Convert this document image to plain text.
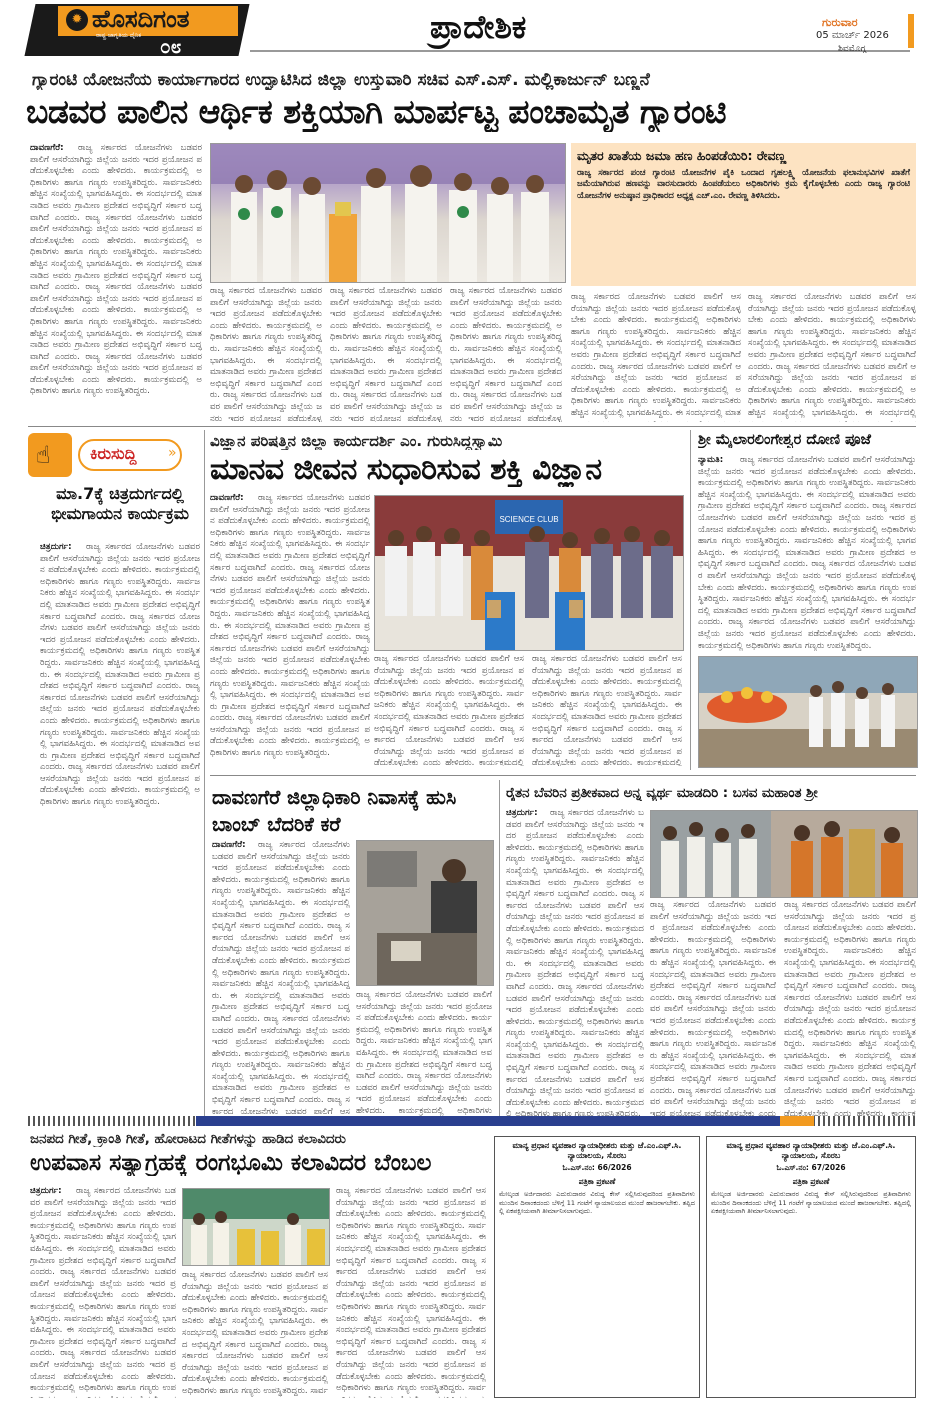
✹ ಹೊಸದಿಗಂತ
ರಾಷ್ಟ್ರ ಜಾಗೃತಿಯ ದೈನಿಕ
೦೮
ಪ್ರಾದೇಶಿಕ	ಗುರುವಾರ
05 ಮಾರ್ಚ್ 2026
ಶಿವಮೊಗ್ಗ
ಗ್ಯಾರಂಟಿ ಯೋಜನೆಯ ಕಾರ್ಯಾಗಾರದ ಉದ್ಘಾಟಿಸಿದ ಜಿಲ್ಲಾ ಉಸ್ತುವಾರಿ ಸಚಿವ ಎಸ್.ಎಸ್. ಮಲ್ಲಿಕಾರ್ಜುನ್ ಬಣ್ಣನೆ
ಬಡವರ ಪಾಲಿನ ಆರ್ಥಿಕ ಶಕ್ತಿಯಾಗಿ ಮಾರ್ಪಟ್ಟ ಪಂಚಾಮೃತ ಗ್ಯಾರಂಟಿ
ದಾವಣಗೆರೆ:
ರಾಜ್ಯ ಸರ್ಕಾರದ ಯೋಜನೆಗಳು ಬಡವರ ಪಾಲಿಗೆ ಆಸರೆಯಾಗಿದ್ದು ಜಿಲ್ಲೆಯ ಜನರು ಇದರ ಪ್ರಯೋಜನ ಪಡೆದುಕೊಳ್ಳಬೇಕು ಎಂದು ಹೇಳಿದರು. ಕಾರ್ಯಕ್ರಮದಲ್ಲಿ ಅಧಿಕಾರಿಗಳು ಹಾಗೂ ಗಣ್ಯರು ಉಪಸ್ಥಿತರಿದ್ದರು. ಸಾರ್ವಜನಿಕರು ಹೆಚ್ಚಿನ ಸಂಖ್ಯೆಯಲ್ಲಿ ಭಾಗವಹಿಸಿದ್ದರು. ಈ ಸಂದರ್ಭದಲ್ಲಿ ಮಾತನಾಡಿದ ಅವರು ಗ್ರಾಮೀಣ ಪ್ರದೇಶದ ಅಭಿವೃದ್ಧಿಗೆ ಸರ್ಕಾರ ಬದ್ಧವಾಗಿದೆ ಎಂದರು. ರಾಜ್ಯ ಸರ್ಕಾರದ ಯೋಜನೆಗಳು ಬಡವರ ಪಾಲಿಗೆ ಆಸರೆಯಾಗಿದ್ದು ಜಿಲ್ಲೆಯ ಜನರು ಇದರ ಪ್ರಯೋಜನ ಪಡೆದುಕೊಳ್ಳಬೇಕು ಎಂದು ಹೇಳಿದರು. ಕಾರ್ಯಕ್ರಮದಲ್ಲಿ ಅಧಿಕಾರಿಗಳು ಹಾಗೂ ಗಣ್ಯರು ಉಪಸ್ಥಿತರಿದ್ದರು. ಸಾರ್ವಜನಿಕರು ಹೆಚ್ಚಿನ ಸಂಖ್ಯೆಯಲ್ಲಿ ಭಾಗವಹಿಸಿದ್ದರು. ಈ ಸಂದರ್ಭದಲ್ಲಿ ಮಾತನಾಡಿದ ಅವರು ಗ್ರಾಮೀಣ ಪ್ರದೇಶದ ಅಭಿವೃದ್ಧಿಗೆ ಸರ್ಕಾರ ಬದ್ಧವಾಗಿದೆ ಎಂದರು. ರಾಜ್ಯ ಸರ್ಕಾರದ ಯೋಜನೆಗಳು ಬಡವರ ಪಾಲಿಗೆ ಆಸರೆಯಾಗಿದ್ದು ಜಿಲ್ಲೆಯ ಜನರು ಇದರ ಪ್ರಯೋಜನ ಪಡೆದುಕೊಳ್ಳಬೇಕು ಎಂದು ಹೇಳಿದರು. ಕಾರ್ಯಕ್ರಮದಲ್ಲಿ ಅಧಿಕಾರಿಗಳು ಹಾಗೂ ಗಣ್ಯರು ಉಪಸ್ಥಿತರಿದ್ದರು. ಸಾರ್ವಜನಿಕರು ಹೆಚ್ಚಿನ ಸಂಖ್ಯೆಯಲ್ಲಿ ಭಾಗವಹಿಸಿದ್ದರು. ಈ ಸಂದರ್ಭದಲ್ಲಿ ಮಾತನಾಡಿದ ಅವರು ಗ್ರಾಮೀಣ ಪ್ರದೇಶದ ಅಭಿವೃದ್ಧಿಗೆ ಸರ್ಕಾರ ಬದ್ಧವಾಗಿದೆ ಎಂದರು. ರಾಜ್ಯ ಸರ್ಕಾರದ ಯೋಜನೆಗಳು ಬಡವರ ಪಾಲಿಗೆ ಆಸರೆಯಾಗಿದ್ದು ಜಿಲ್ಲೆಯ ಜನರು ಇದರ ಪ್ರಯೋಜನ ಪಡೆದುಕೊಳ್ಳಬೇಕು ಎಂದು ಹೇಳಿದರು. ಕಾರ್ಯಕ್ರಮದಲ್ಲಿ ಅಧಿಕಾರಿಗಳು ಹಾಗೂ ಗಣ್ಯರು ಉಪಸ್ಥಿತರಿದ್ದರು.
ರಾಜ್ಯ ಸರ್ಕಾರದ ಯೋಜನೆಗಳು ಬಡವರ ಪಾಲಿಗೆ ಆಸರೆಯಾಗಿದ್ದು ಜಿಲ್ಲೆಯ ಜನರು ಇದರ ಪ್ರಯೋಜನ ಪಡೆದುಕೊಳ್ಳಬೇಕು ಎಂದು ಹೇಳಿದರು. ಕಾರ್ಯಕ್ರಮದಲ್ಲಿ ಅಧಿಕಾರಿಗಳು ಹಾಗೂ ಗಣ್ಯರು ಉಪಸ್ಥಿತರಿದ್ದರು. ಸಾರ್ವಜನಿಕರು ಹೆಚ್ಚಿನ ಸಂಖ್ಯೆಯಲ್ಲಿ ಭಾಗವಹಿಸಿದ್ದರು. ಈ ಸಂದರ್ಭದಲ್ಲಿ ಮಾತನಾಡಿದ ಅವರು ಗ್ರಾಮೀಣ ಪ್ರದೇಶದ ಅಭಿವೃದ್ಧಿಗೆ ಸರ್ಕಾರ ಬದ್ಧವಾಗಿದೆ ಎಂದರು. ರಾಜ್ಯ ಸರ್ಕಾರದ ಯೋಜನೆಗಳು ಬಡವರ ಪಾಲಿಗೆ ಆಸರೆಯಾಗಿದ್ದು ಜಿಲ್ಲೆಯ ಜನರು ಇದರ ಪ್ರಯೋಜನ ಪಡೆದುಕೊಳ್ಳಬೇಕು ಎಂದು ಹೇಳಿದರು. ಕಾರ್ಯಕ್ರಮದಲ್ಲಿ ಅಧಿಕಾರಿಗಳು ಹಾಗೂ ಗಣ್ಯರು ಉಪಸ್ಥಿತರಿದ್ದರು. ಸಾರ್ವಜನಿಕರು ಹೆಚ್ಚಿನ ಸಂಖ್ಯೆಯಲ್ಲಿ ಭಾಗವಹಿಸಿದ್ದರು. ಈ ಸಂದರ್ಭದಲ್ಲಿ ಮಾತನಾಡಿದ ಅವರು ಗ್ರಾಮೀಣ ಪ್ರದೇಶದ ಅಭಿವೃದ್ಧಿಗೆ ಸರ್ಕಾರ ಬದ್ಧವಾಗಿದೆ ಎಂದರು. ರಾಜ್ಯ ಸರ್ಕಾರದ ಯೋಜನೆಗಳು ಬಡವರ ಪಾಲಿಗೆ ಆಸರೆಯಾಗಿದ್ದು ಜಿಲ್ಲೆಯ ಜನರು ಇದರ ಪ್ರಯೋಜನ ಪಡೆದುಕೊಳ್ಳಬೇಕು ಎಂದು ಹೇಳಿದರು. ಕಾರ್ಯಕ್ರಮದಲ್ಲಿ ಅಧಿಕಾರಿಗಳು ಹಾಗೂ ಗಣ್ಯರು ಉಪಸ್ಥಿತರಿದ್ದರು. ಸಾರ್ವಜನಿಕರು ಹೆಚ್ಚಿನ ಸಂಖ್ಯೆಯಲ್ಲಿ ಭಾಗವಹಿಸಿದ್ದರು. ಈ ಸಂದರ್ಭದಲ್ಲಿ ಮಾತನಾಡಿದ ಅವರು ಗ್ರಾಮೀಣ ಪ್ರದೇಶದ ಅಭಿವೃದ್ಧಿಗೆ ಸರ್ಕಾರ ಬದ್ಧವಾಗಿದೆ ಎಂದರು. ರಾಜ್ಯ ಸರ್ಕಾರದ ಯೋಜನೆಗಳು ಬಡವರ ಪಾಲಿಗೆ ಆಸರೆಯಾಗಿದ್ದು ಜಿಲ್ಲೆಯ ಜನರು ಇದರ ಪ್ರಯೋಜನ ಪಡೆದುಕೊಳ್ಳಬೇಕು ಎಂದು ಹೇಳಿದರು. ಕಾರ್ಯಕ್ರಮದಲ್ಲಿ ಅಧಿಕಾರಿಗಳು ಹಾಗೂ ಗಣ್ಯರು ಉಪಸ್ಥಿತರಿದ್ದರು.
ರಾಜ್ಯ ಸರ್ಕಾರದ ಯೋಜನೆಗಳು ಬಡವರ ಪಾಲಿಗೆ ಆಸರೆಯಾಗಿದ್ದು ಜಿಲ್ಲೆಯ ಜನರು ಇದರ ಪ್ರಯೋಜನ ಪಡೆದುಕೊಳ್ಳಬೇಕು ಎಂದು ಹೇಳಿದರು. ಕಾರ್ಯಕ್ರಮದಲ್ಲಿ ಅಧಿಕಾರಿಗಳು ಹಾಗೂ ಗಣ್ಯರು ಉಪಸ್ಥಿತರಿದ್ದರು. ಸಾರ್ವಜನಿಕರು ಹೆಚ್ಚಿನ ಸಂಖ್ಯೆಯಲ್ಲಿ ಭಾಗವಹಿಸಿದ್ದರು. ಈ ಸಂದರ್ಭದಲ್ಲಿ ಮಾತನಾಡಿದ ಅವರು ಗ್ರಾಮೀಣ ಪ್ರದೇಶದ ಅಭಿವೃದ್ಧಿಗೆ ಸರ್ಕಾರ ಬದ್ಧವಾಗಿದೆ ಎಂದರು. ರಾಜ್ಯ ಸರ್ಕಾರದ ಯೋಜನೆಗಳು ಬಡವರ ಪಾಲಿಗೆ ಆಸರೆಯಾಗಿದ್ದು ಜಿಲ್ಲೆಯ ಜನರು ಇದರ ಪ್ರಯೋಜನ ಪಡೆದುಕೊಳ್ಳಬೇಕು ಎಂದು ಹೇಳಿದರು. ಕಾರ್ಯಕ್ರಮದಲ್ಲಿ ಅಧಿಕಾರಿಗಳು ಹಾಗೂ ಗಣ್ಯರು ಉಪಸ್ಥಿತರಿದ್ದರು. ಸಾರ್ವಜನಿಕರು ಹೆಚ್ಚಿನ ಸಂಖ್ಯೆಯಲ್ಲಿ ಭಾಗವಹಿಸಿದ್ದರು. ಈ ಸಂದರ್ಭದಲ್ಲಿ ಮಾತನಾಡಿದ ಅವರು ಗ್ರಾಮೀಣ ಪ್ರದೇಶದ ಅಭಿವೃದ್ಧಿಗೆ ಸರ್ಕಾರ ಬದ್ಧವಾಗಿದೆ ಎಂದರು. ರಾಜ್ಯ ಸರ್ಕಾರದ ಯೋಜನೆಗಳು ಬಡವರ ಪಾಲಿಗೆ ಆಸರೆಯಾಗಿದ್ದು ಜಿಲ್ಲೆಯ ಜನರು ಇದರ ಪ್ರಯೋಜನ ಪಡೆದುಕೊಳ್ಳಬೇಕು ಎಂದು ಹೇಳಿದರು. ಕಾರ್ಯಕ್ರಮದಲ್ಲಿ ಅಧಿಕಾರಿಗಳು ಹಾಗೂ ಗಣ್ಯರು ಉಪಸ್ಥಿತರಿದ್ದರು. ಸಾರ್ವಜನಿಕರು ಹೆಚ್ಚಿನ ಸಂಖ್ಯೆಯಲ್ಲಿ ಭಾಗವಹಿಸಿದ್ದರು. ಈ ಸಂದರ್ಭದಲ್ಲಿ ಮಾತನಾಡಿದ ಅವರು ಗ್ರಾಮೀಣ ಪ್ರದೇಶದ ಅಭಿವೃದ್ಧಿಗೆ ಸರ್ಕಾರ ಬದ್ಧವಾಗಿದೆ ಎಂದರು. ರಾಜ್ಯ ಸರ್ಕಾರದ ಯೋಜನೆಗಳು ಬಡವರ ಪಾಲಿಗೆ ಆಸರೆಯಾಗಿದ್ದು ಜಿಲ್ಲೆಯ ಜನರು ಇದರ ಪ್ರಯೋಜನ ಪಡೆದುಕೊಳ್ಳಬೇಕು ಎಂದು ಹೇಳಿದರು. ಕಾರ್ಯಕ್ರಮದಲ್ಲಿ ಅಧಿಕಾರಿಗಳು ಹಾಗೂ ಗಣ್ಯರು ಉಪಸ್ಥಿತರಿದ್ದರು.
ರಾಜ್ಯ ಸರ್ಕಾರದ ಯೋಜನೆಗಳು ಬಡವರ ಪಾಲಿಗೆ ಆಸರೆಯಾಗಿದ್ದು ಜಿಲ್ಲೆಯ ಜನರು ಇದರ ಪ್ರಯೋಜನ ಪಡೆದುಕೊಳ್ಳಬೇಕು ಎಂದು ಹೇಳಿದರು. ಕಾರ್ಯಕ್ರಮದಲ್ಲಿ ಅಧಿಕಾರಿಗಳು ಹಾಗೂ ಗಣ್ಯರು ಉಪಸ್ಥಿತರಿದ್ದರು. ಸಾರ್ವಜನಿಕರು ಹೆಚ್ಚಿನ ಸಂಖ್ಯೆಯಲ್ಲಿ ಭಾಗವಹಿಸಿದ್ದರು. ಈ ಸಂದರ್ಭದಲ್ಲಿ ಮಾತನಾಡಿದ ಅವರು ಗ್ರಾಮೀಣ ಪ್ರದೇಶದ ಅಭಿವೃದ್ಧಿಗೆ ಸರ್ಕಾರ ಬದ್ಧವಾಗಿದೆ ಎಂದರು. ರಾಜ್ಯ ಸರ್ಕಾರದ ಯೋಜನೆಗಳು ಬಡವರ ಪಾಲಿಗೆ ಆಸರೆಯಾಗಿದ್ದು ಜಿಲ್ಲೆಯ ಜನರು ಇದರ ಪ್ರಯೋಜನ ಪಡೆದುಕೊಳ್ಳಬೇಕು ಎಂದು ಹೇಳಿದರು. ಕಾರ್ಯಕ್ರಮದಲ್ಲಿ ಅಧಿಕಾರಿಗಳು ಹಾಗೂ ಗಣ್ಯರು ಉಪಸ್ಥಿತರಿದ್ದರು. ಸಾರ್ವಜನಿಕರು ಹೆಚ್ಚಿನ ಸಂಖ್ಯೆಯಲ್ಲಿ ಭಾಗವಹಿಸಿದ್ದರು. ಈ ಸಂದರ್ಭದಲ್ಲಿ ಮಾತನಾಡಿದ ಅವರು ಗ್ರಾಮೀಣ ಪ್ರದೇಶದ ಅಭಿವೃದ್ಧಿಗೆ ಸರ್ಕಾರ ಬದ್ಧವಾಗಿದೆ ಎಂದರು. ರಾಜ್ಯ ಸರ್ಕಾರದ ಯೋಜನೆಗಳು ಬಡವರ ಪಾಲಿಗೆ ಆಸರೆಯಾಗಿದ್ದು ಜಿಲ್ಲೆಯ ಜನರು ಇದರ ಪ್ರಯೋಜನ ಪಡೆದುಕೊಳ್ಳಬೇಕು ಎಂದು ಹೇಳಿದರು. ಕಾರ್ಯಕ್ರಮದಲ್ಲಿ ಅಧಿಕಾರಿಗಳು ಹಾಗೂ ಗಣ್ಯರು ಉಪಸ್ಥಿತರಿದ್ದರು. ಸಾರ್ವಜನಿಕರು ಹೆಚ್ಚಿನ ಸಂಖ್ಯೆಯಲ್ಲಿ ಭಾಗವಹಿಸಿದ್ದರು. ಈ ಸಂದರ್ಭದಲ್ಲಿ ಮಾತನಾಡಿದ ಅವರು ಗ್ರಾಮೀಣ ಪ್ರದೇಶದ ಅಭಿವೃದ್ಧಿಗೆ ಸರ್ಕಾರ ಬದ್ಧವಾಗಿದೆ ಎಂದರು. ರಾಜ್ಯ ಸರ್ಕಾರದ ಯೋಜನೆಗಳು ಬಡವರ ಪಾಲಿಗೆ ಆಸರೆಯಾಗಿದ್ದು ಜಿಲ್ಲೆಯ ಜನರು ಇದರ ಪ್ರಯೋಜನ ಪಡೆದುಕೊಳ್ಳಬೇಕು ಎಂದು ಹೇಳಿದರು. ಕಾರ್ಯಕ್ರಮದಲ್ಲಿ ಅಧಿಕಾರಿಗಳು ಹಾಗೂ ಗಣ್ಯರು ಉಪಸ್ಥಿತರಿದ್ದರು.	ಮೃತರ ಖಾತೆಯ ಜಮಾ ಹಣ ಹಿಂಪಡೆಯಿರಿ: ರೇವಣ್ಣ
ರಾಜ್ಯ ಸರ್ಕಾರದ ಪಂಚ ಗ್ಯಾರಂಟಿ ಯೋಜನೆಗಳ ಪೈಕಿ ಒಂದಾದ ಗೃಹಲಕ್ಷ್ಮಿ ಯೋಜನೆಯ ಫಲಾನುಭವಿಗಳ ಖಾತೆಗೆ ಜಮೆಯಾಗಿರುವ ಹಣವನ್ನು ವಾರಸುದಾರರು ಹಿಂಪಡೆಯಲು ಅಧಿಕಾರಿಗಳು ಕ್ರಮ ಕೈಗೊಳ್ಳಬೇಕು ಎಂದು ರಾಜ್ಯ ಗ್ಯಾರಂಟಿ ಯೋಜನೆಗಳ ಅನುಷ್ಠಾನ ಪ್ರಾಧಿಕಾರದ ಅಧ್ಯಕ್ಷ ಎಚ್.ಎಂ. ರೇವಣ್ಣ ತಿಳಿಸಿದರು.
ರಾಜ್ಯ ಸರ್ಕಾರದ ಯೋಜನೆಗಳು ಬಡವರ ಪಾಲಿಗೆ ಆಸರೆಯಾಗಿದ್ದು ಜಿಲ್ಲೆಯ ಜನರು ಇದರ ಪ್ರಯೋಜನ ಪಡೆದುಕೊಳ್ಳಬೇಕು ಎಂದು ಹೇಳಿದರು. ಕಾರ್ಯಕ್ರಮದಲ್ಲಿ ಅಧಿಕಾರಿಗಳು ಹಾಗೂ ಗಣ್ಯರು ಉಪಸ್ಥಿತರಿದ್ದರು. ಸಾರ್ವಜನಿಕರು ಹೆಚ್ಚಿನ ಸಂಖ್ಯೆಯಲ್ಲಿ ಭಾಗವಹಿಸಿದ್ದರು. ಈ ಸಂದರ್ಭದಲ್ಲಿ ಮಾತನಾಡಿದ ಅವರು ಗ್ರಾಮೀಣ ಪ್ರದೇಶದ ಅಭಿವೃದ್ಧಿಗೆ ಸರ್ಕಾರ ಬದ್ಧವಾಗಿದೆ ಎಂದರು. ರಾಜ್ಯ ಸರ್ಕಾರದ ಯೋಜನೆಗಳು ಬಡವರ ಪಾಲಿಗೆ ಆಸರೆಯಾಗಿದ್ದು ಜಿಲ್ಲೆಯ ಜನರು ಇದರ ಪ್ರಯೋಜನ ಪಡೆದುಕೊಳ್ಳಬೇಕು ಎಂದು ಹೇಳಿದರು. ಕಾರ್ಯಕ್ರಮದಲ್ಲಿ ಅಧಿಕಾರಿಗಳು ಹಾಗೂ ಗಣ್ಯರು ಉಪಸ್ಥಿತರಿದ್ದರು. ಸಾರ್ವಜನಿಕರು ಹೆಚ್ಚಿನ ಸಂಖ್ಯೆಯಲ್ಲಿ ಭಾಗವಹಿಸಿದ್ದರು. ಈ ಸಂದರ್ಭದಲ್ಲಿ ಮಾತನಾಡಿದ ಅವರು ಗ್ರಾಮೀಣ ಪ್ರದೇಶದ ಅಭಿವೃದ್ಧಿಗೆ ಸರ್ಕಾರ ಬದ್ಧವಾಗಿದೆ ಎಂದರು. ರಾಜ್ಯ ಸರ್ಕಾರದ ಯೋಜನೆಗಳು ಬಡವರ ಪಾಲಿಗೆ ಆಸರೆಯಾಗಿದ್ದು ಜಿಲ್ಲೆಯ ಜನರು ಇದರ ಪ್ರಯೋಜನ ಪಡೆದುಕೊಳ್ಳಬೇಕು ಎಂದು ಹೇಳಿದರು. ಕಾರ್ಯಕ್ರಮದಲ್ಲಿ ಅಧಿಕಾರಿಗಳು ಹಾಗೂ ಗಣ್ಯರು ಉಪಸ್ಥಿತರಿದ್ದರು. ಸಾರ್ವಜನಿಕರು ಹೆಚ್ಚಿನ ಸಂಖ್ಯೆಯಲ್ಲಿ ಭಾಗವಹಿಸಿದ್ದರು. ಈ ಸಂದರ್ಭದಲ್ಲಿ ಮಾತನಾಡಿದ ಅವರು ಗ್ರಾಮೀಣ ಪ್ರದೇಶದ ಅಭಿವೃದ್ಧಿಗೆ ಸರ್ಕಾರ ಬದ್ಧವಾಗಿದೆ ಎಂದರು. ರಾಜ್ಯ ಸರ್ಕಾರದ ಯೋಜನೆಗಳು ಬಡವರ ಪಾಲಿಗೆ ಆಸರೆಯಾಗಿದ್ದು ಜಿಲ್ಲೆಯ ಜನರು ಇದರ ಪ್ರಯೋಜನ ಪಡೆದುಕೊಳ್ಳಬೇಕು ಎಂದು ಹೇಳಿದರು. ಕಾರ್ಯಕ್ರಮದಲ್ಲಿ ಅಧಿಕಾರಿಗಳು ಹಾಗೂ ಗಣ್ಯರು ಉಪಸ್ಥಿತರಿದ್ದರು.
ರಾಜ್ಯ ಸರ್ಕಾರದ ಯೋಜನೆಗಳು ಬಡವರ ಪಾಲಿಗೆ ಆಸರೆಯಾಗಿದ್ದು ಜಿಲ್ಲೆಯ ಜನರು ಇದರ ಪ್ರಯೋಜನ ಪಡೆದುಕೊಳ್ಳಬೇಕು ಎಂದು ಹೇಳಿದರು. ಕಾರ್ಯಕ್ರಮದಲ್ಲಿ ಅಧಿಕಾರಿಗಳು ಹಾಗೂ ಗಣ್ಯರು ಉಪಸ್ಥಿತರಿದ್ದರು. ಸಾರ್ವಜನಿಕರು ಹೆಚ್ಚಿನ ಸಂಖ್ಯೆಯಲ್ಲಿ ಭಾಗವಹಿಸಿದ್ದರು. ಈ ಸಂದರ್ಭದಲ್ಲಿ ಮಾತನಾಡಿದ ಅವರು ಗ್ರಾಮೀಣ ಪ್ರದೇಶದ ಅಭಿವೃದ್ಧಿಗೆ ಸರ್ಕಾರ ಬದ್ಧವಾಗಿದೆ ಎಂದರು. ರಾಜ್ಯ ಸರ್ಕಾರದ ಯೋಜನೆಗಳು ಬಡವರ ಪಾಲಿಗೆ ಆಸರೆಯಾಗಿದ್ದು ಜಿಲ್ಲೆಯ ಜನರು ಇದರ ಪ್ರಯೋಜನ ಪಡೆದುಕೊಳ್ಳಬೇಕು ಎಂದು ಹೇಳಿದರು. ಕಾರ್ಯಕ್ರಮದಲ್ಲಿ ಅಧಿಕಾರಿಗಳು ಹಾಗೂ ಗಣ್ಯರು ಉಪಸ್ಥಿತರಿದ್ದರು. ಸಾರ್ವಜನಿಕರು ಹೆಚ್ಚಿನ ಸಂಖ್ಯೆಯಲ್ಲಿ ಭಾಗವಹಿಸಿದ್ದರು. ಈ ಸಂದರ್ಭದಲ್ಲಿ ಮಾತನಾಡಿದ ಅವರು ಗ್ರಾಮೀಣ ಪ್ರದೇಶದ ಅಭಿವೃದ್ಧಿಗೆ ಸರ್ಕಾರ ಬದ್ಧವಾಗಿದೆ ಎಂದರು. ರಾಜ್ಯ ಸರ್ಕಾರದ ಯೋಜನೆಗಳು ಬಡವರ ಪಾಲಿಗೆ ಆಸರೆಯಾಗಿದ್ದು ಜಿಲ್ಲೆಯ ಜನರು ಇದರ ಪ್ರಯೋಜನ ಪಡೆದುಕೊಳ್ಳಬೇಕು ಎಂದು ಹೇಳಿದರು. ಕಾರ್ಯಕ್ರಮದಲ್ಲಿ ಅಧಿಕಾರಿಗಳು ಹಾಗೂ ಗಣ್ಯರು ಉಪಸ್ಥಿತರಿದ್ದರು. ಸಾರ್ವಜನಿಕರು ಹೆಚ್ಚಿನ ಸಂಖ್ಯೆಯಲ್ಲಿ ಭಾಗವಹಿಸಿದ್ದರು. ಈ ಸಂದರ್ಭದಲ್ಲಿ ಮಾತನಾಡಿದ ಅವರು ಗ್ರಾಮೀಣ ಪ್ರದೇಶದ ಅಭಿವೃದ್ಧಿಗೆ ಸರ್ಕಾರ ಬದ್ಧವಾಗಿದೆ ಎಂದರು. ರಾಜ್ಯ ಸರ್ಕಾರದ ಯೋಜನೆಗಳು ಬಡವರ ಪಾಲಿಗೆ ಆಸರೆಯಾಗಿದ್ದು ಜಿಲ್ಲೆಯ ಜನರು ಇದರ ಪ್ರಯೋಜನ ಪಡೆದುಕೊಳ್ಳಬೇಕು ಎಂದು ಹೇಳಿದರು. ಕಾರ್ಯಕ್ರಮದಲ್ಲಿ ಅಧಿಕಾರಿಗಳು ಹಾಗೂ ಗಣ್ಯರು ಉಪಸ್ಥಿತರಿದ್ದರು.
☝ ಕಿರುಸುದ್ದಿ »
ಮಾ.7ಕ್ಕೆ ಚಿತ್ರದುರ್ಗದಲ್ಲಿ ಭೀಮಗಾಯನ ಕಾರ್ಯಕ್ರಮ
ಚಿತ್ರದುರ್ಗ:
ರಾಜ್ಯ ಸರ್ಕಾರದ ಯೋಜನೆಗಳು ಬಡವರ ಪಾಲಿಗೆ ಆಸರೆಯಾಗಿದ್ದು ಜಿಲ್ಲೆಯ ಜನರು ಇದರ ಪ್ರಯೋಜನ ಪಡೆದುಕೊಳ್ಳಬೇಕು ಎಂದು ಹೇಳಿದರು. ಕಾರ್ಯಕ್ರಮದಲ್ಲಿ ಅಧಿಕಾರಿಗಳು ಹಾಗೂ ಗಣ್ಯರು ಉಪಸ್ಥಿತರಿದ್ದರು. ಸಾರ್ವಜನಿಕರು ಹೆಚ್ಚಿನ ಸಂಖ್ಯೆಯಲ್ಲಿ ಭಾಗವಹಿಸಿದ್ದರು. ಈ ಸಂದರ್ಭದಲ್ಲಿ ಮಾತನಾಡಿದ ಅವರು ಗ್ರಾಮೀಣ ಪ್ರದೇಶದ ಅಭಿವೃದ್ಧಿಗೆ ಸರ್ಕಾರ ಬದ್ಧವಾಗಿದೆ ಎಂದರು. ರಾಜ್ಯ ಸರ್ಕಾರದ ಯೋಜನೆಗಳು ಬಡವರ ಪಾಲಿಗೆ ಆಸರೆಯಾಗಿದ್ದು ಜಿಲ್ಲೆಯ ಜನರು ಇದರ ಪ್ರಯೋಜನ ಪಡೆದುಕೊಳ್ಳಬೇಕು ಎಂದು ಹೇಳಿದರು. ಕಾರ್ಯಕ್ರಮದಲ್ಲಿ ಅಧಿಕಾರಿಗಳು ಹಾಗೂ ಗಣ್ಯರು ಉಪಸ್ಥಿತರಿದ್ದರು. ಸಾರ್ವಜನಿಕರು ಹೆಚ್ಚಿನ ಸಂಖ್ಯೆಯಲ್ಲಿ ಭಾಗವಹಿಸಿದ್ದರು. ಈ ಸಂದರ್ಭದಲ್ಲಿ ಮಾತನಾಡಿದ ಅವರು ಗ್ರಾಮೀಣ ಪ್ರದೇಶದ ಅಭಿವೃದ್ಧಿಗೆ ಸರ್ಕಾರ ಬದ್ಧವಾಗಿದೆ ಎಂದರು. ರಾಜ್ಯ ಸರ್ಕಾರದ ಯೋಜನೆಗಳು ಬಡವರ ಪಾಲಿಗೆ ಆಸರೆಯಾಗಿದ್ದು ಜಿಲ್ಲೆಯ ಜನರು ಇದರ ಪ್ರಯೋಜನ ಪಡೆದುಕೊಳ್ಳಬೇಕು ಎಂದು ಹೇಳಿದರು. ಕಾರ್ಯಕ್ರಮದಲ್ಲಿ ಅಧಿಕಾರಿಗಳು ಹಾಗೂ ಗಣ್ಯರು ಉಪಸ್ಥಿತರಿದ್ದರು. ಸಾರ್ವಜನಿಕರು ಹೆಚ್ಚಿನ ಸಂಖ್ಯೆಯಲ್ಲಿ ಭಾಗವಹಿಸಿದ್ದರು. ಈ ಸಂದರ್ಭದಲ್ಲಿ ಮಾತನಾಡಿದ ಅವರು ಗ್ರಾಮೀಣ ಪ್ರದೇಶದ ಅಭಿವೃದ್ಧಿಗೆ ಸರ್ಕಾರ ಬದ್ಧವಾಗಿದೆ ಎಂದರು. ರಾಜ್ಯ ಸರ್ಕಾರದ ಯೋಜನೆಗಳು ಬಡವರ ಪಾಲಿಗೆ ಆಸರೆಯಾಗಿದ್ದು ಜಿಲ್ಲೆಯ ಜನರು ಇದರ ಪ್ರಯೋಜನ ಪಡೆದುಕೊಳ್ಳಬೇಕು ಎಂದು ಹೇಳಿದರು. ಕಾರ್ಯಕ್ರಮದಲ್ಲಿ ಅಧಿಕಾರಿಗಳು ಹಾಗೂ ಗಣ್ಯರು ಉಪಸ್ಥಿತರಿದ್ದರು.
ವಿಜ್ಞಾನ ಪರಿಷತ್ತಿನ ಜಿಲ್ಲಾ ಕಾರ್ಯದರ್ಶಿ ಎಂ. ಗುರುಸಿದ್ದಸ್ವಾಮಿ
ಮಾನವ ಜೀವನ ಸುಧಾರಿಸುವ ಶಕ್ತಿ ವಿಜ್ಞಾನ
ದಾವಣಗೆರೆ:
ರಾಜ್ಯ ಸರ್ಕಾರದ ಯೋಜನೆಗಳು ಬಡವರ ಪಾಲಿಗೆ ಆಸರೆಯಾಗಿದ್ದು ಜಿಲ್ಲೆಯ ಜನರು ಇದರ ಪ್ರಯೋಜನ ಪಡೆದುಕೊಳ್ಳಬೇಕು ಎಂದು ಹೇಳಿದರು. ಕಾರ್ಯಕ್ರಮದಲ್ಲಿ ಅಧಿಕಾರಿಗಳು ಹಾಗೂ ಗಣ್ಯರು ಉಪಸ್ಥಿತರಿದ್ದರು. ಸಾರ್ವಜನಿಕರು ಹೆಚ್ಚಿನ ಸಂಖ್ಯೆಯಲ್ಲಿ ಭಾಗವಹಿಸಿದ್ದರು. ಈ ಸಂದರ್ಭದಲ್ಲಿ ಮಾತನಾಡಿದ ಅವರು ಗ್ರಾಮೀಣ ಪ್ರದೇಶದ ಅಭಿವೃದ್ಧಿಗೆ ಸರ್ಕಾರ ಬದ್ಧವಾಗಿದೆ ಎಂದರು. ರಾಜ್ಯ ಸರ್ಕಾರದ ಯೋಜನೆಗಳು ಬಡವರ ಪಾಲಿಗೆ ಆಸರೆಯಾಗಿದ್ದು ಜಿಲ್ಲೆಯ ಜನರು ಇದರ ಪ್ರಯೋಜನ ಪಡೆದುಕೊಳ್ಳಬೇಕು ಎಂದು ಹೇಳಿದರು. ಕಾರ್ಯಕ್ರಮದಲ್ಲಿ ಅಧಿಕಾರಿಗಳು ಹಾಗೂ ಗಣ್ಯರು ಉಪಸ್ಥಿತರಿದ್ದರು. ಸಾರ್ವಜನಿಕರು ಹೆಚ್ಚಿನ ಸಂಖ್ಯೆಯಲ್ಲಿ ಭಾಗವಹಿಸಿದ್ದರು. ಈ ಸಂದರ್ಭದಲ್ಲಿ ಮಾತನಾಡಿದ ಅವರು ಗ್ರಾಮೀಣ ಪ್ರದೇಶದ ಅಭಿವೃದ್ಧಿಗೆ ಸರ್ಕಾರ ಬದ್ಧವಾಗಿದೆ ಎಂದರು. ರಾಜ್ಯ ಸರ್ಕಾರದ ಯೋಜನೆಗಳು ಬಡವರ ಪಾಲಿಗೆ ಆಸರೆಯಾಗಿದ್ದು ಜಿಲ್ಲೆಯ ಜನರು ಇದರ ಪ್ರಯೋಜನ ಪಡೆದುಕೊಳ್ಳಬೇಕು ಎಂದು ಹೇಳಿದರು. ಕಾರ್ಯಕ್ರಮದಲ್ಲಿ ಅಧಿಕಾರಿಗಳು ಹಾಗೂ ಗಣ್ಯರು ಉಪಸ್ಥಿತರಿದ್ದರು. ಸಾರ್ವಜನಿಕರು ಹೆಚ್ಚಿನ ಸಂಖ್ಯೆಯಲ್ಲಿ ಭಾಗವಹಿಸಿದ್ದರು. ಈ ಸಂದರ್ಭದಲ್ಲಿ ಮಾತನಾಡಿದ ಅವರು ಗ್ರಾಮೀಣ ಪ್ರದೇಶದ ಅಭಿವೃದ್ಧಿಗೆ ಸರ್ಕಾರ ಬದ್ಧವಾಗಿದೆ ಎಂದರು. ರಾಜ್ಯ ಸರ್ಕಾರದ ಯೋಜನೆಗಳು ಬಡವರ ಪಾಲಿಗೆ ಆಸರೆಯಾಗಿದ್ದು ಜಿಲ್ಲೆಯ ಜನರು ಇದರ ಪ್ರಯೋಜನ ಪಡೆದುಕೊಳ್ಳಬೇಕು ಎಂದು ಹೇಳಿದರು. ಕಾರ್ಯಕ್ರಮದಲ್ಲಿ ಅಧಿಕಾರಿಗಳು ಹಾಗೂ ಗಣ್ಯರು ಉಪಸ್ಥಿತರಿದ್ದರು.
SCIENCE CLUB
ರಾಜ್ಯ ಸರ್ಕಾರದ ಯೋಜನೆಗಳು ಬಡವರ ಪಾಲಿಗೆ ಆಸರೆಯಾಗಿದ್ದು ಜಿಲ್ಲೆಯ ಜನರು ಇದರ ಪ್ರಯೋಜನ ಪಡೆದುಕೊಳ್ಳಬೇಕು ಎಂದು ಹೇಳಿದರು. ಕಾರ್ಯಕ್ರಮದಲ್ಲಿ ಅಧಿಕಾರಿಗಳು ಹಾಗೂ ಗಣ್ಯರು ಉಪಸ್ಥಿತರಿದ್ದರು. ಸಾರ್ವಜನಿಕರು ಹೆಚ್ಚಿನ ಸಂಖ್ಯೆಯಲ್ಲಿ ಭಾಗವಹಿಸಿದ್ದರು. ಈ ಸಂದರ್ಭದಲ್ಲಿ ಮಾತನಾಡಿದ ಅವರು ಗ್ರಾಮೀಣ ಪ್ರದೇಶದ ಅಭಿವೃದ್ಧಿಗೆ ಸರ್ಕಾರ ಬದ್ಧವಾಗಿದೆ ಎಂದರು. ರಾಜ್ಯ ಸರ್ಕಾರದ ಯೋಜನೆಗಳು ಬಡವರ ಪಾಲಿಗೆ ಆಸರೆಯಾಗಿದ್ದು ಜಿಲ್ಲೆಯ ಜನರು ಇದರ ಪ್ರಯೋಜನ ಪಡೆದುಕೊಳ್ಳಬೇಕು ಎಂದು ಹೇಳಿದರು. ಕಾರ್ಯಕ್ರಮದಲ್ಲಿ ಅಧಿಕಾರಿಗಳು ಹಾಗೂ ಗಣ್ಯರು ಉಪಸ್ಥಿತರಿದ್ದರು. ಸಾರ್ವಜನಿಕರು ಹೆಚ್ಚಿನ ಸಂಖ್ಯೆಯಲ್ಲಿ ಭಾಗವಹಿಸಿದ್ದರು. ಈ ಸಂದರ್ಭದಲ್ಲಿ ಮಾತನಾಡಿದ ಅವರು ಗ್ರಾಮೀಣ ಪ್ರದೇಶದ ಅಭಿವೃದ್ಧಿಗೆ ಸರ್ಕಾರ ಬದ್ಧವಾಗಿದೆ ಎಂದರು. ರಾಜ್ಯ ಸರ್ಕಾರದ ಯೋಜನೆಗಳು ಬಡವರ ಪಾಲಿಗೆ ಆಸರೆಯಾಗಿದ್ದು ಜಿಲ್ಲೆಯ ಜನರು ಇದರ ಪ್ರಯೋಜನ ಪಡೆದುಕೊಳ್ಳಬೇಕು ಎಂದು ಹೇಳಿದರು. ಕಾರ್ಯಕ್ರಮದಲ್ಲಿ ಅಧಿಕಾರಿಗಳು ಹಾಗೂ ಗಣ್ಯರು ಉಪಸ್ಥಿತರಿದ್ದರು. ಸಾರ್ವಜನಿಕರು ಹೆಚ್ಚಿನ ಸಂಖ್ಯೆಯಲ್ಲಿ ಭಾಗವಹಿಸಿದ್ದರು. ಈ ಸಂದರ್ಭದಲ್ಲಿ ಮಾತನಾಡಿದ ಅವರು ಗ್ರಾಮೀಣ ಪ್ರದೇಶದ ಅಭಿವೃದ್ಧಿಗೆ ಸರ್ಕಾರ ಬದ್ಧವಾಗಿದೆ ಎಂದರು. ರಾಜ್ಯ ಸರ್ಕಾರದ ಯೋಜನೆಗಳು ಬಡವರ ಪಾಲಿಗೆ ಆಸರೆಯಾಗಿದ್ದು ಜಿಲ್ಲೆಯ ಜನರು ಇದರ ಪ್ರಯೋಜನ ಪಡೆದುಕೊಳ್ಳಬೇಕು ಎಂದು ಹೇಳಿದರು. ಕಾರ್ಯಕ್ರಮದಲ್ಲಿ ಅಧಿಕಾರಿಗಳು ಹಾಗೂ ಗಣ್ಯರು ಉಪಸ್ಥಿತರಿದ್ದರು.
ರಾಜ್ಯ ಸರ್ಕಾರದ ಯೋಜನೆಗಳು ಬಡವರ ಪಾಲಿಗೆ ಆಸರೆಯಾಗಿದ್ದು ಜಿಲ್ಲೆಯ ಜನರು ಇದರ ಪ್ರಯೋಜನ ಪಡೆದುಕೊಳ್ಳಬೇಕು ಎಂದು ಹೇಳಿದರು. ಕಾರ್ಯಕ್ರಮದಲ್ಲಿ ಅಧಿಕಾರಿಗಳು ಹಾಗೂ ಗಣ್ಯರು ಉಪಸ್ಥಿತರಿದ್ದರು. ಸಾರ್ವಜನಿಕರು ಹೆಚ್ಚಿನ ಸಂಖ್ಯೆಯಲ್ಲಿ ಭಾಗವಹಿಸಿದ್ದರು. ಈ ಸಂದರ್ಭದಲ್ಲಿ ಮಾತನಾಡಿದ ಅವರು ಗ್ರಾಮೀಣ ಪ್ರದೇಶದ ಅಭಿವೃದ್ಧಿಗೆ ಸರ್ಕಾರ ಬದ್ಧವಾಗಿದೆ ಎಂದರು. ರಾಜ್ಯ ಸರ್ಕಾರದ ಯೋಜನೆಗಳು ಬಡವರ ಪಾಲಿಗೆ ಆಸರೆಯಾಗಿದ್ದು ಜಿಲ್ಲೆಯ ಜನರು ಇದರ ಪ್ರಯೋಜನ ಪಡೆದುಕೊಳ್ಳಬೇಕು ಎಂದು ಹೇಳಿದರು. ಕಾರ್ಯಕ್ರಮದಲ್ಲಿ ಅಧಿಕಾರಿಗಳು ಹಾಗೂ ಗಣ್ಯರು ಉಪಸ್ಥಿತರಿದ್ದರು. ಸಾರ್ವಜನಿಕರು ಹೆಚ್ಚಿನ ಸಂಖ್ಯೆಯಲ್ಲಿ ಭಾಗವಹಿಸಿದ್ದರು. ಈ ಸಂದರ್ಭದಲ್ಲಿ ಮಾತನಾಡಿದ ಅವರು ಗ್ರಾಮೀಣ ಪ್ರದೇಶದ ಅಭಿವೃದ್ಧಿಗೆ ಸರ್ಕಾರ ಬದ್ಧವಾಗಿದೆ ಎಂದರು. ರಾಜ್ಯ ಸರ್ಕಾರದ ಯೋಜನೆಗಳು ಬಡವರ ಪಾಲಿಗೆ ಆಸರೆಯಾಗಿದ್ದು ಜಿಲ್ಲೆಯ ಜನರು ಇದರ ಪ್ರಯೋಜನ ಪಡೆದುಕೊಳ್ಳಬೇಕು ಎಂದು ಹೇಳಿದರು. ಕಾರ್ಯಕ್ರಮದಲ್ಲಿ ಅಧಿಕಾರಿಗಳು ಹಾಗೂ ಗಣ್ಯರು ಉಪಸ್ಥಿತರಿದ್ದರು. ಸಾರ್ವಜನಿಕರು ಹೆಚ್ಚಿನ ಸಂಖ್ಯೆಯಲ್ಲಿ ಭಾಗವಹಿಸಿದ್ದರು. ಈ ಸಂದರ್ಭದಲ್ಲಿ ಮಾತನಾಡಿದ ಅವರು ಗ್ರಾಮೀಣ ಪ್ರದೇಶದ ಅಭಿವೃದ್ಧಿಗೆ ಸರ್ಕಾರ ಬದ್ಧವಾಗಿದೆ ಎಂದರು. ರಾಜ್ಯ ಸರ್ಕಾರದ ಯೋಜನೆಗಳು ಬಡವರ ಪಾಲಿಗೆ ಆಸರೆಯಾಗಿದ್ದು ಜಿಲ್ಲೆಯ ಜನರು ಇದರ ಪ್ರಯೋಜನ ಪಡೆದುಕೊಳ್ಳಬೇಕು ಎಂದು ಹೇಳಿದರು. ಕಾರ್ಯಕ್ರಮದಲ್ಲಿ ಅಧಿಕಾರಿಗಳು ಹಾಗೂ ಗಣ್ಯರು ಉಪಸ್ಥಿತರಿದ್ದರು.
ಶ್ರೀ ಮೈಲಾರಲಿಂಗೇಶ್ವರ ದೋಣಿ ಪೂಜೆ
ನ್ಯಾಮತಿ:
ರಾಜ್ಯ ಸರ್ಕಾರದ ಯೋಜನೆಗಳು ಬಡವರ ಪಾಲಿಗೆ ಆಸರೆಯಾಗಿದ್ದು ಜಿಲ್ಲೆಯ ಜನರು ಇದರ ಪ್ರಯೋಜನ ಪಡೆದುಕೊಳ್ಳಬೇಕು ಎಂದು ಹೇಳಿದರು. ಕಾರ್ಯಕ್ರಮದಲ್ಲಿ ಅಧಿಕಾರಿಗಳು ಹಾಗೂ ಗಣ್ಯರು ಉಪಸ್ಥಿತರಿದ್ದರು. ಸಾರ್ವಜನಿಕರು ಹೆಚ್ಚಿನ ಸಂಖ್ಯೆಯಲ್ಲಿ ಭಾಗವಹಿಸಿದ್ದರು. ಈ ಸಂದರ್ಭದಲ್ಲಿ ಮಾತನಾಡಿದ ಅವರು ಗ್ರಾಮೀಣ ಪ್ರದೇಶದ ಅಭಿವೃದ್ಧಿಗೆ ಸರ್ಕಾರ ಬದ್ಧವಾಗಿದೆ ಎಂದರು. ರಾಜ್ಯ ಸರ್ಕಾರದ ಯೋಜನೆಗಳು ಬಡವರ ಪಾಲಿಗೆ ಆಸರೆಯಾಗಿದ್ದು ಜಿಲ್ಲೆಯ ಜನರು ಇದರ ಪ್ರಯೋಜನ ಪಡೆದುಕೊಳ್ಳಬೇಕು ಎಂದು ಹೇಳಿದರು. ಕಾರ್ಯಕ್ರಮದಲ್ಲಿ ಅಧಿಕಾರಿಗಳು ಹಾಗೂ ಗಣ್ಯರು ಉಪಸ್ಥಿತರಿದ್ದರು. ಸಾರ್ವಜನಿಕರು ಹೆಚ್ಚಿನ ಸಂಖ್ಯೆಯಲ್ಲಿ ಭಾಗವಹಿಸಿದ್ದರು. ಈ ಸಂದರ್ಭದಲ್ಲಿ ಮಾತನಾಡಿದ ಅವರು ಗ್ರಾಮೀಣ ಪ್ರದೇಶದ ಅಭಿವೃದ್ಧಿಗೆ ಸರ್ಕಾರ ಬದ್ಧವಾಗಿದೆ ಎಂದರು. ರಾಜ್ಯ ಸರ್ಕಾರದ ಯೋಜನೆಗಳು ಬಡವರ ಪಾಲಿಗೆ ಆಸರೆಯಾಗಿದ್ದು ಜಿಲ್ಲೆಯ ಜನರು ಇದರ ಪ್ರಯೋಜನ ಪಡೆದುಕೊಳ್ಳಬೇಕು ಎಂದು ಹೇಳಿದರು. ಕಾರ್ಯಕ್ರಮದಲ್ಲಿ ಅಧಿಕಾರಿಗಳು ಹಾಗೂ ಗಣ್ಯರು ಉಪಸ್ಥಿತರಿದ್ದರು. ಸಾರ್ವಜನಿಕರು ಹೆಚ್ಚಿನ ಸಂಖ್ಯೆಯಲ್ಲಿ ಭಾಗವಹಿಸಿದ್ದರು. ಈ ಸಂದರ್ಭದಲ್ಲಿ ಮಾತನಾಡಿದ ಅವರು ಗ್ರಾಮೀಣ ಪ್ರದೇಶದ ಅಭಿವೃದ್ಧಿಗೆ ಸರ್ಕಾರ ಬದ್ಧವಾಗಿದೆ ಎಂದರು. ರಾಜ್ಯ ಸರ್ಕಾರದ ಯೋಜನೆಗಳು ಬಡವರ ಪಾಲಿಗೆ ಆಸರೆಯಾಗಿದ್ದು ಜಿಲ್ಲೆಯ ಜನರು ಇದರ ಪ್ರಯೋಜನ ಪಡೆದುಕೊಳ್ಳಬೇಕು ಎಂದು ಹೇಳಿದರು. ಕಾರ್ಯಕ್ರಮದಲ್ಲಿ ಅಧಿಕಾರಿಗಳು ಹಾಗೂ ಗಣ್ಯರು ಉಪಸ್ಥಿತರಿದ್ದರು.
ದಾವಣಗೆರೆ ಜಿಲ್ಲಾಧಿಕಾರಿ ನಿವಾಸಕ್ಕೆ ಹುಸಿ ಬಾಂಬ್ ಬೆದರಿಕೆ ಕರೆ
ದಾವಣಗೆರೆ:
ರಾಜ್ಯ ಸರ್ಕಾರದ ಯೋಜನೆಗಳು ಬಡವರ ಪಾಲಿಗೆ ಆಸರೆಯಾಗಿದ್ದು ಜಿಲ್ಲೆಯ ಜನರು ಇದರ ಪ್ರಯೋಜನ ಪಡೆದುಕೊಳ್ಳಬೇಕು ಎಂದು ಹೇಳಿದರು. ಕಾರ್ಯಕ್ರಮದಲ್ಲಿ ಅಧಿಕಾರಿಗಳು ಹಾಗೂ ಗಣ್ಯರು ಉಪಸ್ಥಿತರಿದ್ದರು. ಸಾರ್ವಜನಿಕರು ಹೆಚ್ಚಿನ ಸಂಖ್ಯೆಯಲ್ಲಿ ಭಾಗವಹಿಸಿದ್ದರು. ಈ ಸಂದರ್ಭದಲ್ಲಿ ಮಾತನಾಡಿದ ಅವರು ಗ್ರಾಮೀಣ ಪ್ರದೇಶದ ಅಭಿವೃದ್ಧಿಗೆ ಸರ್ಕಾರ ಬದ್ಧವಾಗಿದೆ ಎಂದರು. ರಾಜ್ಯ ಸರ್ಕಾರದ ಯೋಜನೆಗಳು ಬಡವರ ಪಾಲಿಗೆ ಆಸರೆಯಾಗಿದ್ದು ಜಿಲ್ಲೆಯ ಜನರು ಇದರ ಪ್ರಯೋಜನ ಪಡೆದುಕೊಳ್ಳಬೇಕು ಎಂದು ಹೇಳಿದರು. ಕಾರ್ಯಕ್ರಮದಲ್ಲಿ ಅಧಿಕಾರಿಗಳು ಹಾಗೂ ಗಣ್ಯರು ಉಪಸ್ಥಿತರಿದ್ದರು. ಸಾರ್ವಜನಿಕರು ಹೆಚ್ಚಿನ ಸಂಖ್ಯೆಯಲ್ಲಿ ಭಾಗವಹಿಸಿದ್ದರು. ಈ ಸಂದರ್ಭದಲ್ಲಿ ಮಾತನಾಡಿದ ಅವರು ಗ್ರಾಮೀಣ ಪ್ರದೇಶದ ಅಭಿವೃದ್ಧಿಗೆ ಸರ್ಕಾರ ಬದ್ಧವಾಗಿದೆ ಎಂದರು. ರಾಜ್ಯ ಸರ್ಕಾರದ ಯೋಜನೆಗಳು ಬಡವರ ಪಾಲಿಗೆ ಆಸರೆಯಾಗಿದ್ದು ಜಿಲ್ಲೆಯ ಜನರು ಇದರ ಪ್ರಯೋಜನ ಪಡೆದುಕೊಳ್ಳಬೇಕು ಎಂದು ಹೇಳಿದರು. ಕಾರ್ಯಕ್ರಮದಲ್ಲಿ ಅಧಿಕಾರಿಗಳು ಹಾಗೂ ಗಣ್ಯರು ಉಪಸ್ಥಿತರಿದ್ದರು. ಸಾರ್ವಜನಿಕರು ಹೆಚ್ಚಿನ ಸಂಖ್ಯೆಯಲ್ಲಿ ಭಾಗವಹಿಸಿದ್ದರು. ಈ ಸಂದರ್ಭದಲ್ಲಿ ಮಾತನಾಡಿದ ಅವರು ಗ್ರಾಮೀಣ ಪ್ರದೇಶದ ಅಭಿವೃದ್ಧಿಗೆ ಸರ್ಕಾರ ಬದ್ಧವಾಗಿದೆ ಎಂದರು. ರಾಜ್ಯ ಸರ್ಕಾರದ ಯೋಜನೆಗಳು ಬಡವರ ಪಾಲಿಗೆ ಆಸರೆಯಾಗಿದ್ದು ಜಿಲ್ಲೆಯ ಜನರು ಇದರ ಪ್ರಯೋಜನ ಪಡೆದುಕೊಳ್ಳಬೇಕು ಎಂದು ಹೇಳಿದರು. ಕಾರ್ಯಕ್ರಮದಲ್ಲಿ ಅಧಿಕಾರಿಗಳು ಹಾಗೂ ಗಣ್ಯರು ಉಪಸ್ಥಿತರಿದ್ದರು.
ರಾಜ್ಯ ಸರ್ಕಾರದ ಯೋಜನೆಗಳು ಬಡವರ ಪಾಲಿಗೆ ಆಸರೆಯಾಗಿದ್ದು ಜಿಲ್ಲೆಯ ಜನರು ಇದರ ಪ್ರಯೋಜನ ಪಡೆದುಕೊಳ್ಳಬೇಕು ಎಂದು ಹೇಳಿದರು. ಕಾರ್ಯಕ್ರಮದಲ್ಲಿ ಅಧಿಕಾರಿಗಳು ಹಾಗೂ ಗಣ್ಯರು ಉಪಸ್ಥಿತರಿದ್ದರು. ಸಾರ್ವಜನಿಕರು ಹೆಚ್ಚಿನ ಸಂಖ್ಯೆಯಲ್ಲಿ ಭಾಗವಹಿಸಿದ್ದರು. ಈ ಸಂದರ್ಭದಲ್ಲಿ ಮಾತನಾಡಿದ ಅವರು ಗ್ರಾಮೀಣ ಪ್ರದೇಶದ ಅಭಿವೃದ್ಧಿಗೆ ಸರ್ಕಾರ ಬದ್ಧವಾಗಿದೆ ಎಂದರು. ರಾಜ್ಯ ಸರ್ಕಾರದ ಯೋಜನೆಗಳು ಬಡವರ ಪಾಲಿಗೆ ಆಸರೆಯಾಗಿದ್ದು ಜಿಲ್ಲೆಯ ಜನರು ಇದರ ಪ್ರಯೋಜನ ಪಡೆದುಕೊಳ್ಳಬೇಕು ಎಂದು ಹೇಳಿದರು. ಕಾರ್ಯಕ್ರಮದಲ್ಲಿ ಅಧಿಕಾರಿಗಳು ಹಾಗೂ ಗಣ್ಯರು ಉಪಸ್ಥಿತರಿದ್ದರು. ಸಾರ್ವಜನಿಕರು ಹೆಚ್ಚಿನ ಸಂಖ್ಯೆಯಲ್ಲಿ ಭಾಗವಹಿಸಿದ್ದರು. ಈ ಸಂದರ್ಭದಲ್ಲಿ ಮಾತನಾಡಿದ ಅವರು ಗ್ರಾಮೀಣ ಪ್ರದೇಶದ ಅಭಿವೃದ್ಧಿಗೆ ಸರ್ಕಾರ ಬದ್ಧವಾಗಿದೆ ಎಂದರು. ರಾಜ್ಯ ಸರ್ಕಾರದ ಯೋಜನೆಗಳು ಬಡವರ ಪಾಲಿಗೆ ಆಸರೆಯಾಗಿದ್ದು ಜಿಲ್ಲೆಯ ಜನರು ಇದರ ಪ್ರಯೋಜನ ಪಡೆದುಕೊಳ್ಳಬೇಕು ಎಂದು ಹೇಳಿದರು. ಕಾರ್ಯಕ್ರಮದಲ್ಲಿ ಅಧಿಕಾರಿಗಳು ಹಾಗೂ ಗಣ್ಯರು ಉಪಸ್ಥಿತರಿದ್ದರು. ಸಾರ್ವಜನಿಕರು ಹೆಚ್ಚಿನ ಸಂಖ್ಯೆಯಲ್ಲಿ ಭಾಗವಹಿಸಿದ್ದರು. ಈ ಸಂದರ್ಭದಲ್ಲಿ ಮಾತನಾಡಿದ ಅವರು ಗ್ರಾಮೀಣ ಪ್ರದೇಶದ ಅಭಿವೃದ್ಧಿಗೆ ಸರ್ಕಾರ ಬದ್ಧವಾಗಿದೆ ಎಂದರು. ರಾಜ್ಯ ಸರ್ಕಾರದ ಯೋಜನೆಗಳು ಬಡವರ ಪಾಲಿಗೆ ಆಸರೆಯಾಗಿದ್ದು ಜಿಲ್ಲೆಯ ಜನರು ಇದರ ಪ್ರಯೋಜನ ಪಡೆದುಕೊಳ್ಳಬೇಕು ಎಂದು ಹೇಳಿದರು. ಕಾರ್ಯಕ್ರಮದಲ್ಲಿ ಅಧಿಕಾರಿಗಳು ಹಾಗೂ ಗಣ್ಯರು ಉಪಸ್ಥಿತರಿದ್ದರು.
ರೈತನ ಬೆವರಿನ ಪ್ರತೀಕವಾದ ಅನ್ನ ವ್ಯರ್ಥ ಮಾಡದಿರಿ : ಬಸವ ಮಹಾಂತ ಶ್ರೀ
ಚಿತ್ರದುರ್ಗ:
ರಾಜ್ಯ ಸರ್ಕಾರದ ಯೋಜನೆಗಳು ಬಡವರ ಪಾಲಿಗೆ ಆಸರೆಯಾಗಿದ್ದು ಜಿಲ್ಲೆಯ ಜನರು ಇದರ ಪ್ರಯೋಜನ ಪಡೆದುಕೊಳ್ಳಬೇಕು ಎಂದು ಹೇಳಿದರು. ಕಾರ್ಯಕ್ರಮದಲ್ಲಿ ಅಧಿಕಾರಿಗಳು ಹಾಗೂ ಗಣ್ಯರು ಉಪಸ್ಥಿತರಿದ್ದರು. ಸಾರ್ವಜನಿಕರು ಹೆಚ್ಚಿನ ಸಂಖ್ಯೆಯಲ್ಲಿ ಭಾಗವಹಿಸಿದ್ದರು. ಈ ಸಂದರ್ಭದಲ್ಲಿ ಮಾತನಾಡಿದ ಅವರು ಗ್ರಾಮೀಣ ಪ್ರದೇಶದ ಅಭಿವೃದ್ಧಿಗೆ ಸರ್ಕಾರ ಬದ್ಧವಾಗಿದೆ ಎಂದರು. ರಾಜ್ಯ ಸರ್ಕಾರದ ಯೋಜನೆಗಳು ಬಡವರ ಪಾಲಿಗೆ ಆಸರೆಯಾಗಿದ್ದು ಜಿಲ್ಲೆಯ ಜನರು ಇದರ ಪ್ರಯೋಜನ ಪಡೆದುಕೊಳ್ಳಬೇಕು ಎಂದು ಹೇಳಿದರು. ಕಾರ್ಯಕ್ರಮದಲ್ಲಿ ಅಧಿಕಾರಿಗಳು ಹಾಗೂ ಗಣ್ಯರು ಉಪಸ್ಥಿತರಿದ್ದರು. ಸಾರ್ವಜನಿಕರು ಹೆಚ್ಚಿನ ಸಂಖ್ಯೆಯಲ್ಲಿ ಭಾಗವಹಿಸಿದ್ದರು. ಈ ಸಂದರ್ಭದಲ್ಲಿ ಮಾತನಾಡಿದ ಅವರು ಗ್ರಾಮೀಣ ಪ್ರದೇಶದ ಅಭಿವೃದ್ಧಿಗೆ ಸರ್ಕಾರ ಬದ್ಧವಾಗಿದೆ ಎಂದರು. ರಾಜ್ಯ ಸರ್ಕಾರದ ಯೋಜನೆಗಳು ಬಡವರ ಪಾಲಿಗೆ ಆಸರೆಯಾಗಿದ್ದು ಜಿಲ್ಲೆಯ ಜನರು ಇದರ ಪ್ರಯೋಜನ ಪಡೆದುಕೊಳ್ಳಬೇಕು ಎಂದು ಹೇಳಿದರು. ಕಾರ್ಯಕ್ರಮದಲ್ಲಿ ಅಧಿಕಾರಿಗಳು ಹಾಗೂ ಗಣ್ಯರು ಉಪಸ್ಥಿತರಿದ್ದರು. ಸಾರ್ವಜನಿಕರು ಹೆಚ್ಚಿನ ಸಂಖ್ಯೆಯಲ್ಲಿ ಭಾಗವಹಿಸಿದ್ದರು. ಈ ಸಂದರ್ಭದಲ್ಲಿ ಮಾತನಾಡಿದ ಅವರು ಗ್ರಾಮೀಣ ಪ್ರದೇಶದ ಅಭಿವೃದ್ಧಿಗೆ ಸರ್ಕಾರ ಬದ್ಧವಾಗಿದೆ ಎಂದರು. ರಾಜ್ಯ ಸರ್ಕಾರದ ಯೋಜನೆಗಳು ಬಡವರ ಪಾಲಿಗೆ ಆಸರೆಯಾಗಿದ್ದು ಜಿಲ್ಲೆಯ ಜನರು ಇದರ ಪ್ರಯೋಜನ ಪಡೆದುಕೊಳ್ಳಬೇಕು ಎಂದು ಹೇಳಿದರು. ಕಾರ್ಯಕ್ರಮದಲ್ಲಿ ಅಧಿಕಾರಿಗಳು ಹಾಗೂ ಗಣ್ಯರು ಉಪಸ್ಥಿತರಿದ್ದರು.
ರಾಜ್ಯ ಸರ್ಕಾರದ ಯೋಜನೆಗಳು ಬಡವರ ಪಾಲಿಗೆ ಆಸರೆಯಾಗಿದ್ದು ಜಿಲ್ಲೆಯ ಜನರು ಇದರ ಪ್ರಯೋಜನ ಪಡೆದುಕೊಳ್ಳಬೇಕು ಎಂದು ಹೇಳಿದರು. ಕಾರ್ಯಕ್ರಮದಲ್ಲಿ ಅಧಿಕಾರಿಗಳು ಹಾಗೂ ಗಣ್ಯರು ಉಪಸ್ಥಿತರಿದ್ದರು. ಸಾರ್ವಜನಿಕರು ಹೆಚ್ಚಿನ ಸಂಖ್ಯೆಯಲ್ಲಿ ಭಾಗವಹಿಸಿದ್ದರು. ಈ ಸಂದರ್ಭದಲ್ಲಿ ಮಾತನಾಡಿದ ಅವರು ಗ್ರಾಮೀಣ ಪ್ರದೇಶದ ಅಭಿವೃದ್ಧಿಗೆ ಸರ್ಕಾರ ಬದ್ಧವಾಗಿದೆ ಎಂದರು. ರಾಜ್ಯ ಸರ್ಕಾರದ ಯೋಜನೆಗಳು ಬಡವರ ಪಾಲಿಗೆ ಆಸರೆಯಾಗಿದ್ದು ಜಿಲ್ಲೆಯ ಜನರು ಇದರ ಪ್ರಯೋಜನ ಪಡೆದುಕೊಳ್ಳಬೇಕು ಎಂದು ಹೇಳಿದರು. ಕಾರ್ಯಕ್ರಮದಲ್ಲಿ ಅಧಿಕಾರಿಗಳು ಹಾಗೂ ಗಣ್ಯರು ಉಪಸ್ಥಿತರಿದ್ದರು. ಸಾರ್ವಜನಿಕರು ಹೆಚ್ಚಿನ ಸಂಖ್ಯೆಯಲ್ಲಿ ಭಾಗವಹಿಸಿದ್ದರು. ಈ ಸಂದರ್ಭದಲ್ಲಿ ಮಾತನಾಡಿದ ಅವರು ಗ್ರಾಮೀಣ ಪ್ರದೇಶದ ಅಭಿವೃದ್ಧಿಗೆ ಸರ್ಕಾರ ಬದ್ಧವಾಗಿದೆ ಎಂದರು. ರಾಜ್ಯ ಸರ್ಕಾರದ ಯೋಜನೆಗಳು ಬಡವರ ಪಾಲಿಗೆ ಆಸರೆಯಾಗಿದ್ದು ಜಿಲ್ಲೆಯ ಜನರು ಇದರ ಪ್ರಯೋಜನ ಪಡೆದುಕೊಳ್ಳಬೇಕು ಎಂದು ಹೇಳಿದರು. ಕಾರ್ಯಕ್ರಮದಲ್ಲಿ ಅಧಿಕಾರಿಗಳು ಹಾಗೂ ಗಣ್ಯರು ಉಪಸ್ಥಿತರಿದ್ದರು. ಸಾರ್ವಜನಿಕರು ಹೆಚ್ಚಿನ ಸಂಖ್ಯೆಯಲ್ಲಿ ಭಾಗವಹಿಸಿದ್ದರು. ಈ ಸಂದರ್ಭದಲ್ಲಿ ಮಾತನಾಡಿದ ಅವರು ಗ್ರಾಮೀಣ ಪ್ರದೇಶದ ಅಭಿವೃದ್ಧಿಗೆ ಸರ್ಕಾರ ಬದ್ಧವಾಗಿದೆ ಎಂದರು. ರಾಜ್ಯ ಸರ್ಕಾರದ ಯೋಜನೆಗಳು ಬಡವರ ಪಾಲಿಗೆ ಆಸರೆಯಾಗಿದ್ದು ಜಿಲ್ಲೆಯ ಜನರು ಇದರ ಪ್ರಯೋಜನ ಪಡೆದುಕೊಳ್ಳಬೇಕು ಎಂದು ಹೇಳಿದರು. ಕಾರ್ಯಕ್ರಮದಲ್ಲಿ ಅಧಿಕಾರಿಗಳು ಹಾಗೂ ಗಣ್ಯರು ಉಪಸ್ಥಿತರಿದ್ದರು.
ರಾಜ್ಯ ಸರ್ಕಾರದ ಯೋಜನೆಗಳು ಬಡವರ ಪಾಲಿಗೆ ಆಸರೆಯಾಗಿದ್ದು ಜಿಲ್ಲೆಯ ಜನರು ಇದರ ಪ್ರಯೋಜನ ಪಡೆದುಕೊಳ್ಳಬೇಕು ಎಂದು ಹೇಳಿದರು. ಕಾರ್ಯಕ್ರಮದಲ್ಲಿ ಅಧಿಕಾರಿಗಳು ಹಾಗೂ ಗಣ್ಯರು ಉಪಸ್ಥಿತರಿದ್ದರು. ಸಾರ್ವಜನಿಕರು ಹೆಚ್ಚಿನ ಸಂಖ್ಯೆಯಲ್ಲಿ ಭಾಗವಹಿಸಿದ್ದರು. ಈ ಸಂದರ್ಭದಲ್ಲಿ ಮಾತನಾಡಿದ ಅವರು ಗ್ರಾಮೀಣ ಪ್ರದೇಶದ ಅಭಿವೃದ್ಧಿಗೆ ಸರ್ಕಾರ ಬದ್ಧವಾಗಿದೆ ಎಂದರು. ರಾಜ್ಯ ಸರ್ಕಾರದ ಯೋಜನೆಗಳು ಬಡವರ ಪಾಲಿಗೆ ಆಸರೆಯಾಗಿದ್ದು ಜಿಲ್ಲೆಯ ಜನರು ಇದರ ಪ್ರಯೋಜನ ಪಡೆದುಕೊಳ್ಳಬೇಕು ಎಂದು ಹೇಳಿದರು. ಕಾರ್ಯಕ್ರಮದಲ್ಲಿ ಅಧಿಕಾರಿಗಳು ಹಾಗೂ ಗಣ್ಯರು ಉಪಸ್ಥಿತರಿದ್ದರು. ಸಾರ್ವಜನಿಕರು ಹೆಚ್ಚಿನ ಸಂಖ್ಯೆಯಲ್ಲಿ ಭಾಗವಹಿಸಿದ್ದರು. ಈ ಸಂದರ್ಭದಲ್ಲಿ ಮಾತನಾಡಿದ ಅವರು ಗ್ರಾಮೀಣ ಪ್ರದೇಶದ ಅಭಿವೃದ್ಧಿಗೆ ಸರ್ಕಾರ ಬದ್ಧವಾಗಿದೆ ಎಂದರು. ರಾಜ್ಯ ಸರ್ಕಾರದ ಯೋಜನೆಗಳು ಬಡವರ ಪಾಲಿಗೆ ಆಸರೆಯಾಗಿದ್ದು ಜಿಲ್ಲೆಯ ಜನರು ಇದರ ಪ್ರಯೋಜನ ಪಡೆದುಕೊಳ್ಳಬೇಕು ಎಂದು ಹೇಳಿದರು. ಕಾರ್ಯಕ್ರಮದಲ್ಲಿ ಅಧಿಕಾರಿಗಳು ಹಾಗೂ ಗಣ್ಯರು ಉಪಸ್ಥಿತರಿದ್ದರು. ಸಾರ್ವಜನಿಕರು ಹೆಚ್ಚಿನ ಸಂಖ್ಯೆಯಲ್ಲಿ ಭಾಗವಹಿಸಿದ್ದರು. ಈ ಸಂದರ್ಭದಲ್ಲಿ ಮಾತನಾಡಿದ ಅವರು ಗ್ರಾಮೀಣ ಪ್ರದೇಶದ ಅಭಿವೃದ್ಧಿಗೆ ಸರ್ಕಾರ ಬದ್ಧವಾಗಿದೆ ಎಂದರು. ರಾಜ್ಯ ಸರ್ಕಾರದ ಯೋಜನೆಗಳು ಬಡವರ ಪಾಲಿಗೆ ಆಸರೆಯಾಗಿದ್ದು ಜಿಲ್ಲೆಯ ಜನರು ಇದರ ಪ್ರಯೋಜನ ಪಡೆದುಕೊಳ್ಳಬೇಕು ಎಂದು ಹೇಳಿದರು. ಕಾರ್ಯಕ್ರಮದಲ್ಲಿ ಅಧಿಕಾರಿಗಳು ಹಾಗೂ ಗಣ್ಯರು ಉಪಸ್ಥಿತರಿದ್ದರು.
ಜನಪದ ಗೀತೆ, ಕ್ರಾಂತಿ ಗೀತೆ, ಹೋರಾಟದ ಗೀತೆಗಳನ್ನು ಹಾಡಿದ ಕಲಾವಿದರು
ಉಪವಾಸ ಸತ್ಯಾಗ್ರಹಕ್ಕೆ ರಂಗಭೂಮಿ ಕಲಾವಿದರ ಬೆಂಬಲ
ಚಿತ್ರದುರ್ಗ:
ರಾಜ್ಯ ಸರ್ಕಾರದ ಯೋಜನೆಗಳು ಬಡವರ ಪಾಲಿಗೆ ಆಸರೆಯಾಗಿದ್ದು ಜಿಲ್ಲೆಯ ಜನರು ಇದರ ಪ್ರಯೋಜನ ಪಡೆದುಕೊಳ್ಳಬೇಕು ಎಂದು ಹೇಳಿದರು. ಕಾರ್ಯಕ್ರಮದಲ್ಲಿ ಅಧಿಕಾರಿಗಳು ಹಾಗೂ ಗಣ್ಯರು ಉಪಸ್ಥಿತರಿದ್ದರು. ಸಾರ್ವಜನಿಕರು ಹೆಚ್ಚಿನ ಸಂಖ್ಯೆಯಲ್ಲಿ ಭಾಗವಹಿಸಿದ್ದರು. ಈ ಸಂದರ್ಭದಲ್ಲಿ ಮಾತನಾಡಿದ ಅವರು ಗ್ರಾಮೀಣ ಪ್ರದೇಶದ ಅಭಿವೃದ್ಧಿಗೆ ಸರ್ಕಾರ ಬದ್ಧವಾಗಿದೆ ಎಂದರು. ರಾಜ್ಯ ಸರ್ಕಾರದ ಯೋಜನೆಗಳು ಬಡವರ ಪಾಲಿಗೆ ಆಸರೆಯಾಗಿದ್ದು ಜಿಲ್ಲೆಯ ಜನರು ಇದರ ಪ್ರಯೋಜನ ಪಡೆದುಕೊಳ್ಳಬೇಕು ಎಂದು ಹೇಳಿದರು. ಕಾರ್ಯಕ್ರಮದಲ್ಲಿ ಅಧಿಕಾರಿಗಳು ಹಾಗೂ ಗಣ್ಯರು ಉಪಸ್ಥಿತರಿದ್ದರು. ಸಾರ್ವಜನಿಕರು ಹೆಚ್ಚಿನ ಸಂಖ್ಯೆಯಲ್ಲಿ ಭಾಗವಹಿಸಿದ್ದರು. ಈ ಸಂದರ್ಭದಲ್ಲಿ ಮಾತನಾಡಿದ ಅವರು ಗ್ರಾಮೀಣ ಪ್ರದೇಶದ ಅಭಿವೃದ್ಧಿಗೆ ಸರ್ಕಾರ ಬದ್ಧವಾಗಿದೆ ಎಂದರು. ರಾಜ್ಯ ಸರ್ಕಾರದ ಯೋಜನೆಗಳು ಬಡವರ ಪಾಲಿಗೆ ಆಸರೆಯಾಗಿದ್ದು ಜಿಲ್ಲೆಯ ಜನರು ಇದರ ಪ್ರಯೋಜನ ಪಡೆದುಕೊಳ್ಳಬೇಕು ಎಂದು ಹೇಳಿದರು. ಕಾರ್ಯಕ್ರಮದಲ್ಲಿ ಅಧಿಕಾರಿಗಳು ಹಾಗೂ ಗಣ್ಯರು ಉಪಸ್ಥಿತರಿದ್ದರು. ಸಾರ್ವಜನಿಕರು ಹೆಚ್ಚಿನ ಸಂಖ್ಯೆಯಲ್ಲಿ ಭಾಗವಹಿಸಿದ್ದರು. ಈ ಸಂದರ್ಭದಲ್ಲಿ ಮಾತನಾಡಿದ ಅವರು ಗ್ರಾಮೀಣ ಪ್ರದೇಶದ ಅಭಿವೃದ್ಧಿಗೆ ಸರ್ಕಾರ ಬದ್ಧವಾಗಿದೆ ಎಂದರು. ರಾಜ್ಯ ಸರ್ಕಾರದ ಯೋಜನೆಗಳು ಬಡವರ ಪಾಲಿಗೆ ಆಸರೆಯಾಗಿದ್ದು ಜಿಲ್ಲೆಯ ಜನರು ಇದರ ಪ್ರಯೋಜನ ಪಡೆದುಕೊಳ್ಳಬೇಕು ಎಂದು ಹೇಳಿದರು. ಕಾರ್ಯಕ್ರಮದಲ್ಲಿ ಅಧಿಕಾರಿಗಳು ಹಾಗೂ ಗಣ್ಯರು ಉಪಸ್ಥಿತರಿದ್ದರು.
ರಾಜ್ಯ ಸರ್ಕಾರದ ಯೋಜನೆಗಳು ಬಡವರ ಪಾಲಿಗೆ ಆಸರೆಯಾಗಿದ್ದು ಜಿಲ್ಲೆಯ ಜನರು ಇದರ ಪ್ರಯೋಜನ ಪಡೆದುಕೊಳ್ಳಬೇಕು ಎಂದು ಹೇಳಿದರು. ಕಾರ್ಯಕ್ರಮದಲ್ಲಿ ಅಧಿಕಾರಿಗಳು ಹಾಗೂ ಗಣ್ಯರು ಉಪಸ್ಥಿತರಿದ್ದರು. ಸಾರ್ವಜನಿಕರು ಹೆಚ್ಚಿನ ಸಂಖ್ಯೆಯಲ್ಲಿ ಭಾಗವಹಿಸಿದ್ದರು. ಈ ಸಂದರ್ಭದಲ್ಲಿ ಮಾತನಾಡಿದ ಅವರು ಗ್ರಾಮೀಣ ಪ್ರದೇಶದ ಅಭಿವೃದ್ಧಿಗೆ ಸರ್ಕಾರ ಬದ್ಧವಾಗಿದೆ ಎಂದರು. ರಾಜ್ಯ ಸರ್ಕಾರದ ಯೋಜನೆಗಳು ಬಡವರ ಪಾಲಿಗೆ ಆಸರೆಯಾಗಿದ್ದು ಜಿಲ್ಲೆಯ ಜನರು ಇದರ ಪ್ರಯೋಜನ ಪಡೆದುಕೊಳ್ಳಬೇಕು ಎಂದು ಹೇಳಿದರು. ಕಾರ್ಯಕ್ರಮದಲ್ಲಿ ಅಧಿಕಾರಿಗಳು ಹಾಗೂ ಗಣ್ಯರು ಉಪಸ್ಥಿತರಿದ್ದರು. ಸಾರ್ವಜನಿಕರು ಹೆಚ್ಚಿನ ಸಂಖ್ಯೆಯಲ್ಲಿ ಭಾಗವಹಿಸಿದ್ದರು. ಈ ಸಂದರ್ಭದಲ್ಲಿ ಮಾತನಾಡಿದ ಅವರು ಗ್ರಾಮೀಣ ಪ್ರದೇಶದ ಅಭಿವೃದ್ಧಿಗೆ ಸರ್ಕಾರ ಬದ್ಧವಾಗಿದೆ ಎಂದರು. ರಾಜ್ಯ ಸರ್ಕಾರದ ಯೋಜನೆಗಳು ಬಡವರ ಪಾಲಿಗೆ ಆಸರೆಯಾಗಿದ್ದು ಜಿಲ್ಲೆಯ ಜನರು ಇದರ ಪ್ರಯೋಜನ ಪಡೆದುಕೊಳ್ಳಬೇಕು ಎಂದು ಹೇಳಿದರು. ಕಾರ್ಯಕ್ರಮದಲ್ಲಿ ಅಧಿಕಾರಿಗಳು ಹಾಗೂ ಗಣ್ಯರು ಉಪಸ್ಥಿತರಿದ್ದರು. ಸಾರ್ವಜನಿಕರು ಹೆಚ್ಚಿನ ಸಂಖ್ಯೆಯಲ್ಲಿ ಭಾಗವಹಿಸಿದ್ದರು. ಈ ಸಂದರ್ಭದಲ್ಲಿ ಮಾತನಾಡಿದ ಅವರು ಗ್ರಾಮೀಣ ಪ್ರದೇಶದ ಅಭಿವೃದ್ಧಿಗೆ ಸರ್ಕಾರ ಬದ್ಧವಾಗಿದೆ ಎಂದರು. ರಾಜ್ಯ ಸರ್ಕಾರದ ಯೋಜನೆಗಳು ಬಡವರ ಪಾಲಿಗೆ ಆಸರೆಯಾಗಿದ್ದು ಜಿಲ್ಲೆಯ ಜನರು ಇದರ ಪ್ರಯೋಜನ ಪಡೆದುಕೊಳ್ಳಬೇಕು ಎಂದು ಹೇಳಿದರು. ಕಾರ್ಯಕ್ರಮದಲ್ಲಿ ಅಧಿಕಾರಿಗಳು ಹಾಗೂ ಗಣ್ಯರು ಉಪಸ್ಥಿತರಿದ್ದರು.
ರಾಜ್ಯ ಸರ್ಕಾರದ ಯೋಜನೆಗಳು ಬಡವರ ಪಾಲಿಗೆ ಆಸರೆಯಾಗಿದ್ದು ಜಿಲ್ಲೆಯ ಜನರು ಇದರ ಪ್ರಯೋಜನ ಪಡೆದುಕೊಳ್ಳಬೇಕು ಎಂದು ಹೇಳಿದರು. ಕಾರ್ಯಕ್ರಮದಲ್ಲಿ ಅಧಿಕಾರಿಗಳು ಹಾಗೂ ಗಣ್ಯರು ಉಪಸ್ಥಿತರಿದ್ದರು. ಸಾರ್ವಜನಿಕರು ಹೆಚ್ಚಿನ ಸಂಖ್ಯೆಯಲ್ಲಿ ಭಾಗವಹಿಸಿದ್ದರು. ಈ ಸಂದರ್ಭದಲ್ಲಿ ಮಾತನಾಡಿದ ಅವರು ಗ್ರಾಮೀಣ ಪ್ರದೇಶದ ಅಭಿವೃದ್ಧಿಗೆ ಸರ್ಕಾರ ಬದ್ಧವಾಗಿದೆ ಎಂದರು. ರಾಜ್ಯ ಸರ್ಕಾರದ ಯೋಜನೆಗಳು ಬಡವರ ಪಾಲಿಗೆ ಆಸರೆಯಾಗಿದ್ದು ಜಿಲ್ಲೆಯ ಜನರು ಇದರ ಪ್ರಯೋಜನ ಪಡೆದುಕೊಳ್ಳಬೇಕು ಎಂದು ಹೇಳಿದರು. ಕಾರ್ಯಕ್ರಮದಲ್ಲಿ ಅಧಿಕಾರಿಗಳು ಹಾಗೂ ಗಣ್ಯರು ಉಪಸ್ಥಿತರಿದ್ದರು. ಸಾರ್ವಜನಿಕರು ಹೆಚ್ಚಿನ ಸಂಖ್ಯೆಯಲ್ಲಿ ಭಾಗವಹಿಸಿದ್ದರು. ಈ ಸಂದರ್ಭದಲ್ಲಿ ಮಾತನಾಡಿದ ಅವರು ಗ್ರಾಮೀಣ ಪ್ರದೇಶದ ಅಭಿವೃದ್ಧಿಗೆ ಸರ್ಕಾರ ಬದ್ಧವಾಗಿದೆ ಎಂದರು. ರಾಜ್ಯ ಸರ್ಕಾರದ ಯೋಜನೆಗಳು ಬಡವರ ಪಾಲಿಗೆ ಆಸರೆಯಾಗಿದ್ದು ಜಿಲ್ಲೆಯ ಜನರು ಇದರ ಪ್ರಯೋಜನ ಪಡೆದುಕೊಳ್ಳಬೇಕು ಎಂದು ಹೇಳಿದರು. ಕಾರ್ಯಕ್ರಮದಲ್ಲಿ ಅಧಿಕಾರಿಗಳು ಹಾಗೂ ಗಣ್ಯರು ಉಪಸ್ಥಿತರಿದ್ದರು. ಸಾರ್ವಜನಿಕರು ಹೆಚ್ಚಿನ ಸಂಖ್ಯೆಯಲ್ಲಿ ಭಾಗವಹಿಸಿದ್ದರು. ಈ ಸಂದರ್ಭದಲ್ಲಿ ಮಾತನಾಡಿದ ಅವರು ಗ್ರಾಮೀಣ ಪ್ರದೇಶದ ಅಭಿವೃದ್ಧಿಗೆ ಸರ್ಕಾರ ಬದ್ಧವಾಗಿದೆ ಎಂದರು. ರಾಜ್ಯ ಸರ್ಕಾರದ ಯೋಜನೆಗಳು ಬಡವರ ಪಾಲಿಗೆ ಆಸರೆಯಾಗಿದ್ದು ಜಿಲ್ಲೆಯ ಜನರು ಇದರ ಪ್ರಯೋಜನ ಪಡೆದುಕೊಳ್ಳಬೇಕು ಎಂದು ಹೇಳಿದರು. ಕಾರ್ಯಕ್ರಮದಲ್ಲಿ ಅಧಿಕಾರಿಗಳು ಹಾಗೂ ಗಣ್ಯರು ಉಪಸ್ಥಿತರಿದ್ದರು.
ಮಾನ್ಯ ಪ್ರಧಾನ ವ್ಯವಹಾರ ನ್ಯಾಯಾಧೀಶರು ಮತ್ತು ಜೆ.ಎಂ.ಎಫ್.ಸಿ. ನ್ಯಾಯಾಲಯ, ಸೊರಬ
ಓ.ಎಸ್.ನಂ: 66/2026
ಪತ್ರಿಕಾ ಪ್ರಕಟಣೆ
ಮೇಲ್ಕಂಡ ಅರ್ಜಿದಾರರು ಎದುರುದಾರರ ವಿರುದ್ಧ ಕೇಸ್ ಸಲ್ಲಿಸಿರುವುದರಿಂದ ಪ್ರತಿವಾದಿಗಳು ಮುಂದಿನ ದಿನಾಂಕದಂದು ಬೆಳಿಗ್ಗೆ 11 ಗಂಟೆಗೆ ನ್ಯಾಯಾಲಯದ ಮುಂದೆ ಹಾಜರಾಗಬೇಕು. ತಪ್ಪಿದಲ್ಲಿ ಏಕಪಕ್ಷೀಯವಾಗಿ ತೀರ್ಮಾನಿಸಲಾಗುವುದು.
ಮಾನ್ಯ ಪ್ರಧಾನ ವ್ಯವಹಾರ ನ್ಯಾಯಾಧೀಶರು ಮತ್ತು ಜೆ.ಎಂ.ಎಫ್.ಸಿ. ನ್ಯಾಯಾಲಯ, ಸೊರಬ
ಓ.ಎಸ್.ನಂ: 67/2026
ಪತ್ರಿಕಾ ಪ್ರಕಟಣೆ
ಮೇಲ್ಕಂಡ ಅರ್ಜಿದಾರರು ಎದುರುದಾರರ ವಿರುದ್ಧ ಕೇಸ್ ಸಲ್ಲಿಸಿರುವುದರಿಂದ ಪ್ರತಿವಾದಿಗಳು ಮುಂದಿನ ದಿನಾಂಕದಂದು ಬೆಳಿಗ್ಗೆ 11 ಗಂಟೆಗೆ ನ್ಯಾಯಾಲಯದ ಮುಂದೆ ಹಾಜರಾಗಬೇಕು. ತಪ್ಪಿದಲ್ಲಿ ಏಕಪಕ್ಷೀಯವಾಗಿ ತೀರ್ಮಾನಿಸಲಾಗುವುದು.
